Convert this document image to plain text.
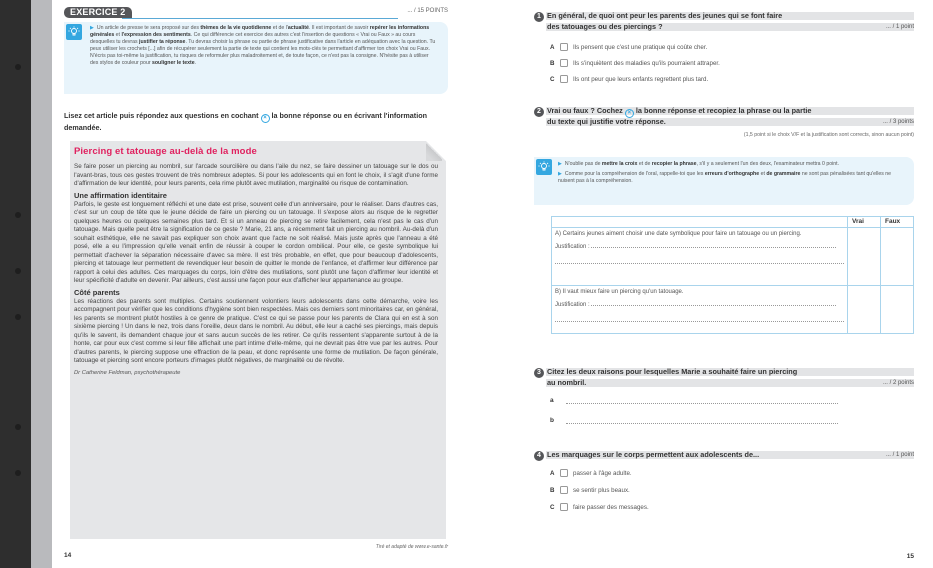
EXERCICE 2	... / 15 POINTS
▶ Un article de presse te sera proposé sur des thèmes de la vie quotidienne et de l'actualité. Il est important de savoir repérer les informations générales et l'expression des sentiments. Ce qui différencie cet exercice des autres c'est l'insertion de questions « Vrai ou Faux » au cours desquelles tu devras justifier ta réponse. Tu devras choisir la phrase ou partie de phrase justificative dans l'article en adéquation avec la question. Tu peux utiliser les crochets [...] afin de récupérer seulement la partie de texte qui contient les mots-clés te permettant d'affirmer ton choix Vrai ou Faux. N'écris pas toi-même la justification, tu risques de reformuler plus maladroitement et, de toute façon, ce n'est pas la consigne. N'hésite pas à utiliser des stylos de couleur pour souligner le texte.
Lisez cet article puis répondez aux questions en cochant × la bonne réponse ou en écrivant l'information demandée.
Piercing et tatouage au-delà de la mode

Se faire poser un piercing au nombril, sur l'arcade sourcilière ou dans l'aile du nez, se faire dessiner un tatouage sur le dos ou l'avant-bras, tous ces gestes trouvent de très nombreux adeptes. Si pour les adolescents qui en font le choix, il s'agit d'une forme d'affirmation de leur identité, pour leurs parents, cela rime plutôt avec mutilation, marginalité ou risque de contamination.

Une affirmation identitaire

Parfois, le geste est longuement réfléchi et une date est prise, souvent celle d'un anniversaire, pour le réaliser. Dans d'autres cas, c'est sur un coup de tête que le jeune décide de faire un piercing ou un tatouage. Il s'expose alors au risque de le regretter quelques heures ou quelques semaines plus tard. Et si un anneau de piercing se retire facilement, cela n'est pas le cas d'un tatouage. Mais quelle peut être la signification de ce geste ? Marie, 21 ans, a récemment fait un piercing au nombril. Au-delà d'un souhait esthétique, elle ne savait pas expliquer son choix avant que l'acte ne soit réalisé. Mais juste après que l'anneau a été posé, elle a eu l'impression qu'elle venait enfin de réussir à couper le cordon ombilical. Pour elle, ce geste symbolique lui permettait d'achever la séparation nécessaire d'avec sa mère. Il est très probable, en effet, que pour beaucoup d'adolescents, piercing et tatouage leur permettent de revendiquer leur besoin de quitter le monde de l'enfance, et d'affirmer leur différence par rapport à celui des adultes. Ces marquages du corps, loin d'être des mutilations, sont plutôt une façon d'affirmer leur identité et leur spécificité d'adulte en devenir. Par ailleurs, c'est aussi une façon pour eux d'afficher leur appartenance au groupe.

Côté parents

Les réactions des parents sont multiples. Certains soutiennent volontiers leurs adolescents dans cette démarche, voire les accompagnent pour vérifier que les conditions d'hygiène sont bien respectées. Mais ces derniers sont minoritaires car, en général, les parents se montrent plutôt hostiles à ce genre de pratique. C'est ce qui se passe pour les parents de Clara qui en est à son sixième piercing ! Un dans le nez, trois dans l'oreille, deux dans le nombril. Au début, elle leur a caché ses piercings, mais depuis qu'ils le savent, ils demandent chaque jour et sans aucun succès de les retirer. Ce qu'ils ressentent s'apparente surtout à de la honte, car pour eux c'est comme si leur fille affichait une part intime d'elle-même, qui ne devrait pas être vue par les autres. Pour d'autres parents, le piercing suppose une effraction de la peau, et donc représente une forme de mutilation. De façon générale, tatouage et piercing sont encore porteurs d'images plutôt négatives, de marginalité ou de révolte.

Dr Catherine Feldman, psychothérapeute
Tiré et adapté de www.e-sante.fr
14
1 En général, de quoi ont peur les parents des jeunes qui se font faire
des tatouages ou des piercings ?	... / 1 point
A	Ils pensent que c'est une pratique qui coûte cher.
B	Ils s'inquiètent des maladies qu'ils pourraient attraper.
C	Ils ont peur que leurs enfants regrettent plus tard.
2 Vrai ou faux ? Cochez × la bonne réponse et recopiez la phrase ou la partie
du texte qui justifie votre réponse.	... / 3 points
(1,5 point si le choix V/F et la justification sont corrects, sinon aucun point)
▶ N'oublie pas de mettre la croix et de recopier la phrase, s'il y a seulement l'un des deux, l'examinateur mettra 0 point.
▶ Comme pour la compréhension de l'oral, rappelle-toi que les erreurs d'orthographe et de grammaire ne sont pas pénalisées tant qu'elles ne nuisent pas à la compréhension.
	Vrai	Faux

A) Certains jeunes aiment choisir une date symbolique pour faire un tatouage ou un piercing.
Justification :		

B) Il vaut mieux faire un piercing qu'un tatouage.
Justification :		

3 Citez les deux raisons pour lesquelles Marie a souhaité faire un piercing
au nombril.	... / 2 points
a
b
4 Les marquages sur le corps permettent aux adolescents de...	... / 1 point
A	passer à l'âge adulte.
B	se sentir plus beaux.
C	faire passer des messages.
15
